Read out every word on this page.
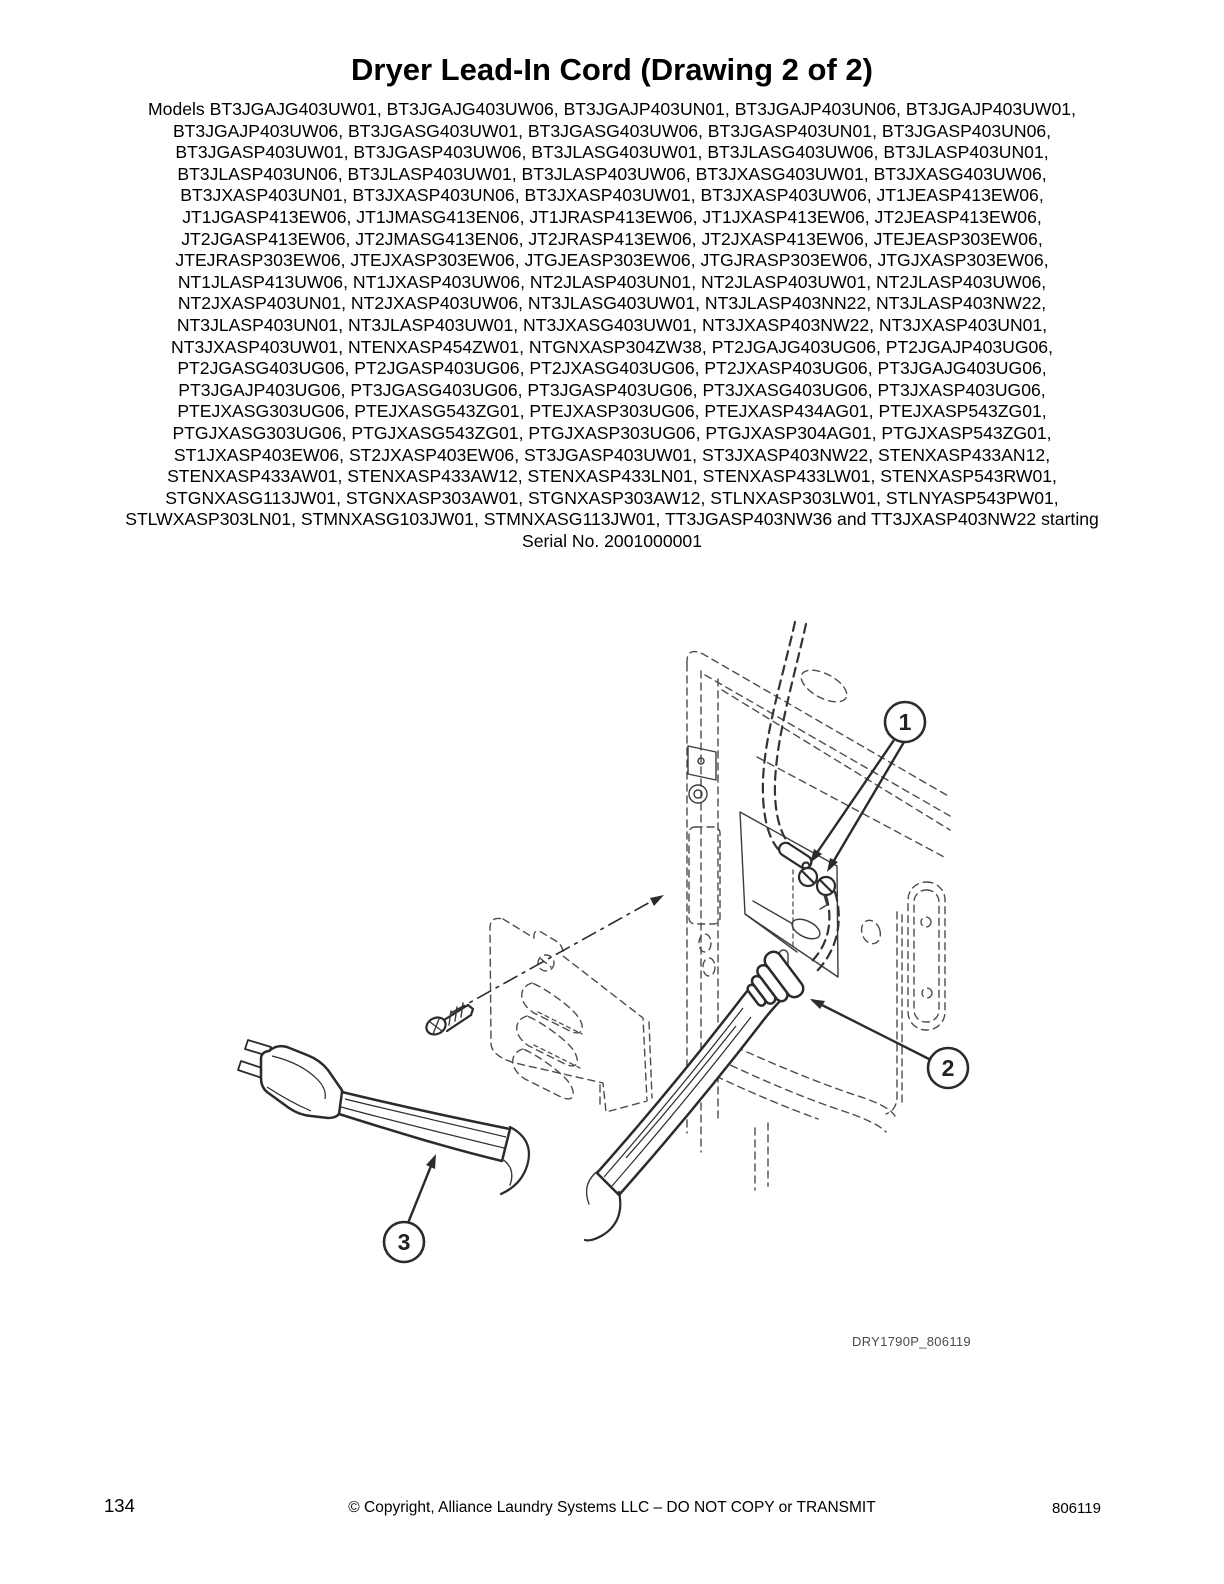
Dryer Lead-In Cord (Drawing 2 of 2)
Models BT3JGAJG403UW01, BT3JGAJG403UW06, BT3JGAJP403UN01, BT3JGAJP403UN06, BT3JGAJP403UW01,
BT3JGAJP403UW06, BT3JGASG403UW01, BT3JGASG403UW06, BT3JGASP403UN01, BT3JGASP403UN06,
BT3JGASP403UW01, BT3JGASP403UW06, BT3JLASG403UW01, BT3JLASG403UW06, BT3JLASP403UN01,
BT3JLASP403UN06, BT3JLASP403UW01, BT3JLASP403UW06, BT3JXASG403UW01, BT3JXASG403UW06,
BT3JXASP403UN01, BT3JXASP403UN06, BT3JXASP403UW01, BT3JXASP403UW06, JT1JEASP413EW06,
JT1JGASP413EW06, JT1JMASG413EN06, JT1JRASP413EW06, JT1JXASP413EW06, JT2JEASP413EW06,
JT2JGASP413EW06, JT2JMASG413EN06, JT2JRASP413EW06, JT2JXASP413EW06, JTEJEASP303EW06,
JTEJRASP303EW06, JTEJXASP303EW06, JTGJEASP303EW06, JTGJRASP303EW06, JTGJXASP303EW06,
NT1JLASP413UW06, NT1JXASP403UW06, NT2JLASP403UN01, NT2JLASP403UW01, NT2JLASP403UW06,
NT2JXASP403UN01, NT2JXASP403UW06, NT3JLASG403UW01, NT3JLASP403NN22, NT3JLASP403NW22,
NT3JLASP403UN01, NT3JLASP403UW01, NT3JXASG403UW01, NT3JXASP403NW22, NT3JXASP403UN01,
NT3JXASP403UW01, NTENXASP454ZW01, NTGNXASP304ZW38, PT2JGAJG403UG06, PT2JGAJP403UG06,
PT2JGASG403UG06, PT2JGASP403UG06, PT2JXASG403UG06, PT2JXASP403UG06, PT3JGAJG403UG06,
PT3JGAJP403UG06, PT3JGASG403UG06, PT3JGASP403UG06, PT3JXASG403UG06, PT3JXASP403UG06,
PTEJXASG303UG06, PTEJXASG543ZG01, PTEJXASP303UG06, PTEJXASP434AG01, PTEJXASP543ZG01,
PTGJXASG303UG06, PTGJXASG543ZG01, PTGJXASP303UG06, PTGJXASP304AG01, PTGJXASP543ZG01,
ST1JXASP403EW06, ST2JXASP403EW06, ST3JGASP403UW01, ST3JXASP403NW22, STENXASP433AN12,
STENXASP433AW01, STENXASP433AW12, STENXASP433LN01, STENXASP433LW01, STENXASP543RW01,
STGNXASG113JW01, STGNXASP303AW01, STGNXASP303AW12, STLNXASP303LW01, STLNYASP543PW01,
STLWXASP303LN01, STMNXASG103JW01, STMNXASG113JW01, TT3JGASP403NW36 and TT3JXASP403NW22 starting
Serial No. 2001000001
1
2
3
DRY1790P_806119
134	© Copyright, Alliance Laundry Systems LLC – DO NOT COPY or TRANSMIT	806119
